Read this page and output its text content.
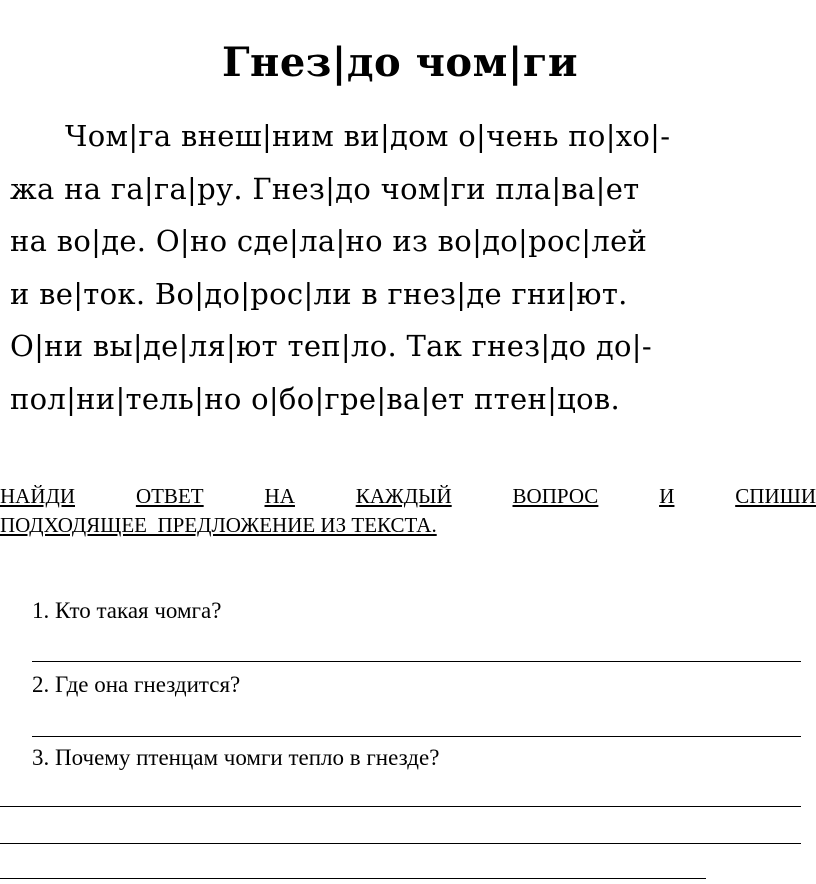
Гнез|до чом|ги
Чом|га внеш|ним ви|дом о|чень по|хо|-
жа на га|га|ру. Гнез|до чом|ги пла|ва|ет
на во|де. О|но сде|ла|но из во|до|рос|лей
и ве|ток. Во|до|рос|ли в гнез|де гни|ют.
О|ни вы|де|ля|ют теп|ло. Так гнез|до до|-
пол|ни|тель|но о|бо|гре|ва|ет птен|цов.
НАЙДИ	ОТВЕТ	НА	КАЖДЫЙ	ВОПРОС	И	СПИШИ
ПОДХОДЯЩЕЕ  ПРЕДЛОЖЕНИЕ ИЗ ТЕКСТА.
1. Кто такая чомга?
2. Где она гнездится?
3. Почему птенцам чомги тепло в гнезде?
